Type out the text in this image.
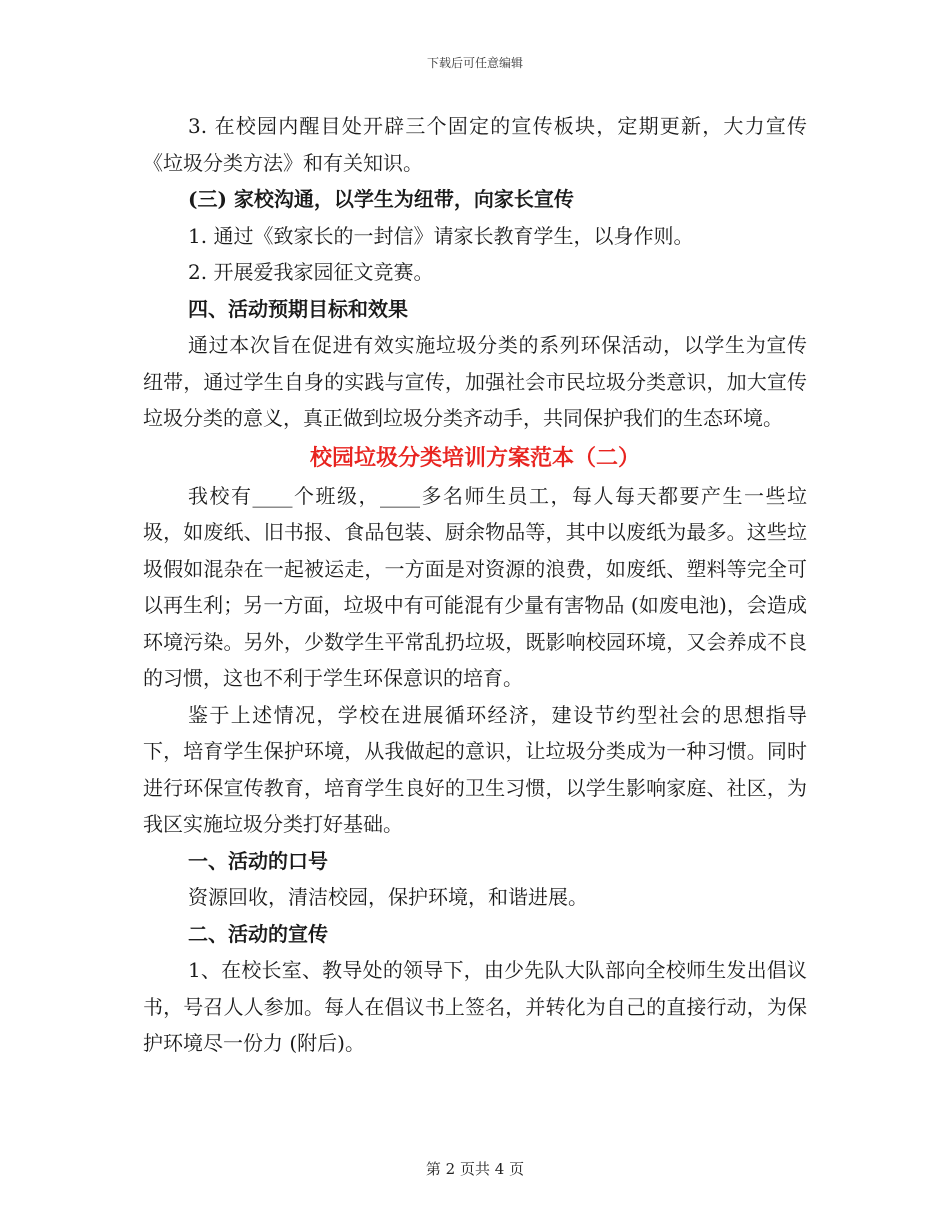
下载后可任意编辑

3. 在校园内醒目处开辟三个固定的宣传板块，定期更新，大力宣传《垃圾分类方法》和有关知识。

(三) 家校沟通，以学生为纽带，向家长宣传

1. 通过《致家长的一封信》请家长教育学生，以身作则。

2. 开展爱我家园征文竞赛。

四、活动预期目标和效果

通过本次旨在促进有效实施垃圾分类的系列环保活动，以学生为宣传纽带，通过学生自身的实践与宣传，加强社会市民垃圾分类意识，加大宣传垃圾分类的意义，真正做到垃圾分类齐动手，共同保护我们的生态环境。

校园垃圾分类培训方案范本（二）

我校有____个班级，____多名师生员工，每人每天都要产生一些垃圾，如废纸、旧书报、食品包装、厨余物品等，其中以废纸为最多。这些垃圾假如混杂在一起被运走，一方面是对资源的浪费，如废纸、塑料等完全可以再生利；另一方面，垃圾中有可能混有少量有害物品 (如废电池)，会造成环境污染。另外，少数学生平常乱扔垃圾，既影响校园环境，又会养成不良的习惯，这也不利于学生环保意识的培育。

鉴于上述情况，学校在进展循环经济，建设节约型社会的思想指导下，培育学生保护环境，从我做起的意识，让垃圾分类成为一种习惯。同时进行环保宣传教育，培育学生良好的卫生习惯，以学生影响家庭、社区，为我区实施垃圾分类打好基础。

一、活动的口号

资源回收，清洁校园，保护环境，和谐进展。

二、活动的宣传

1、在校长室、教导处的领导下，由少先队大队部向全校师生发出倡议书，号召人人参加。每人在倡议书上签名，并转化为自己的直接行动，为保护环境尽一份力 (附后)。

第 2 页共 4 页
